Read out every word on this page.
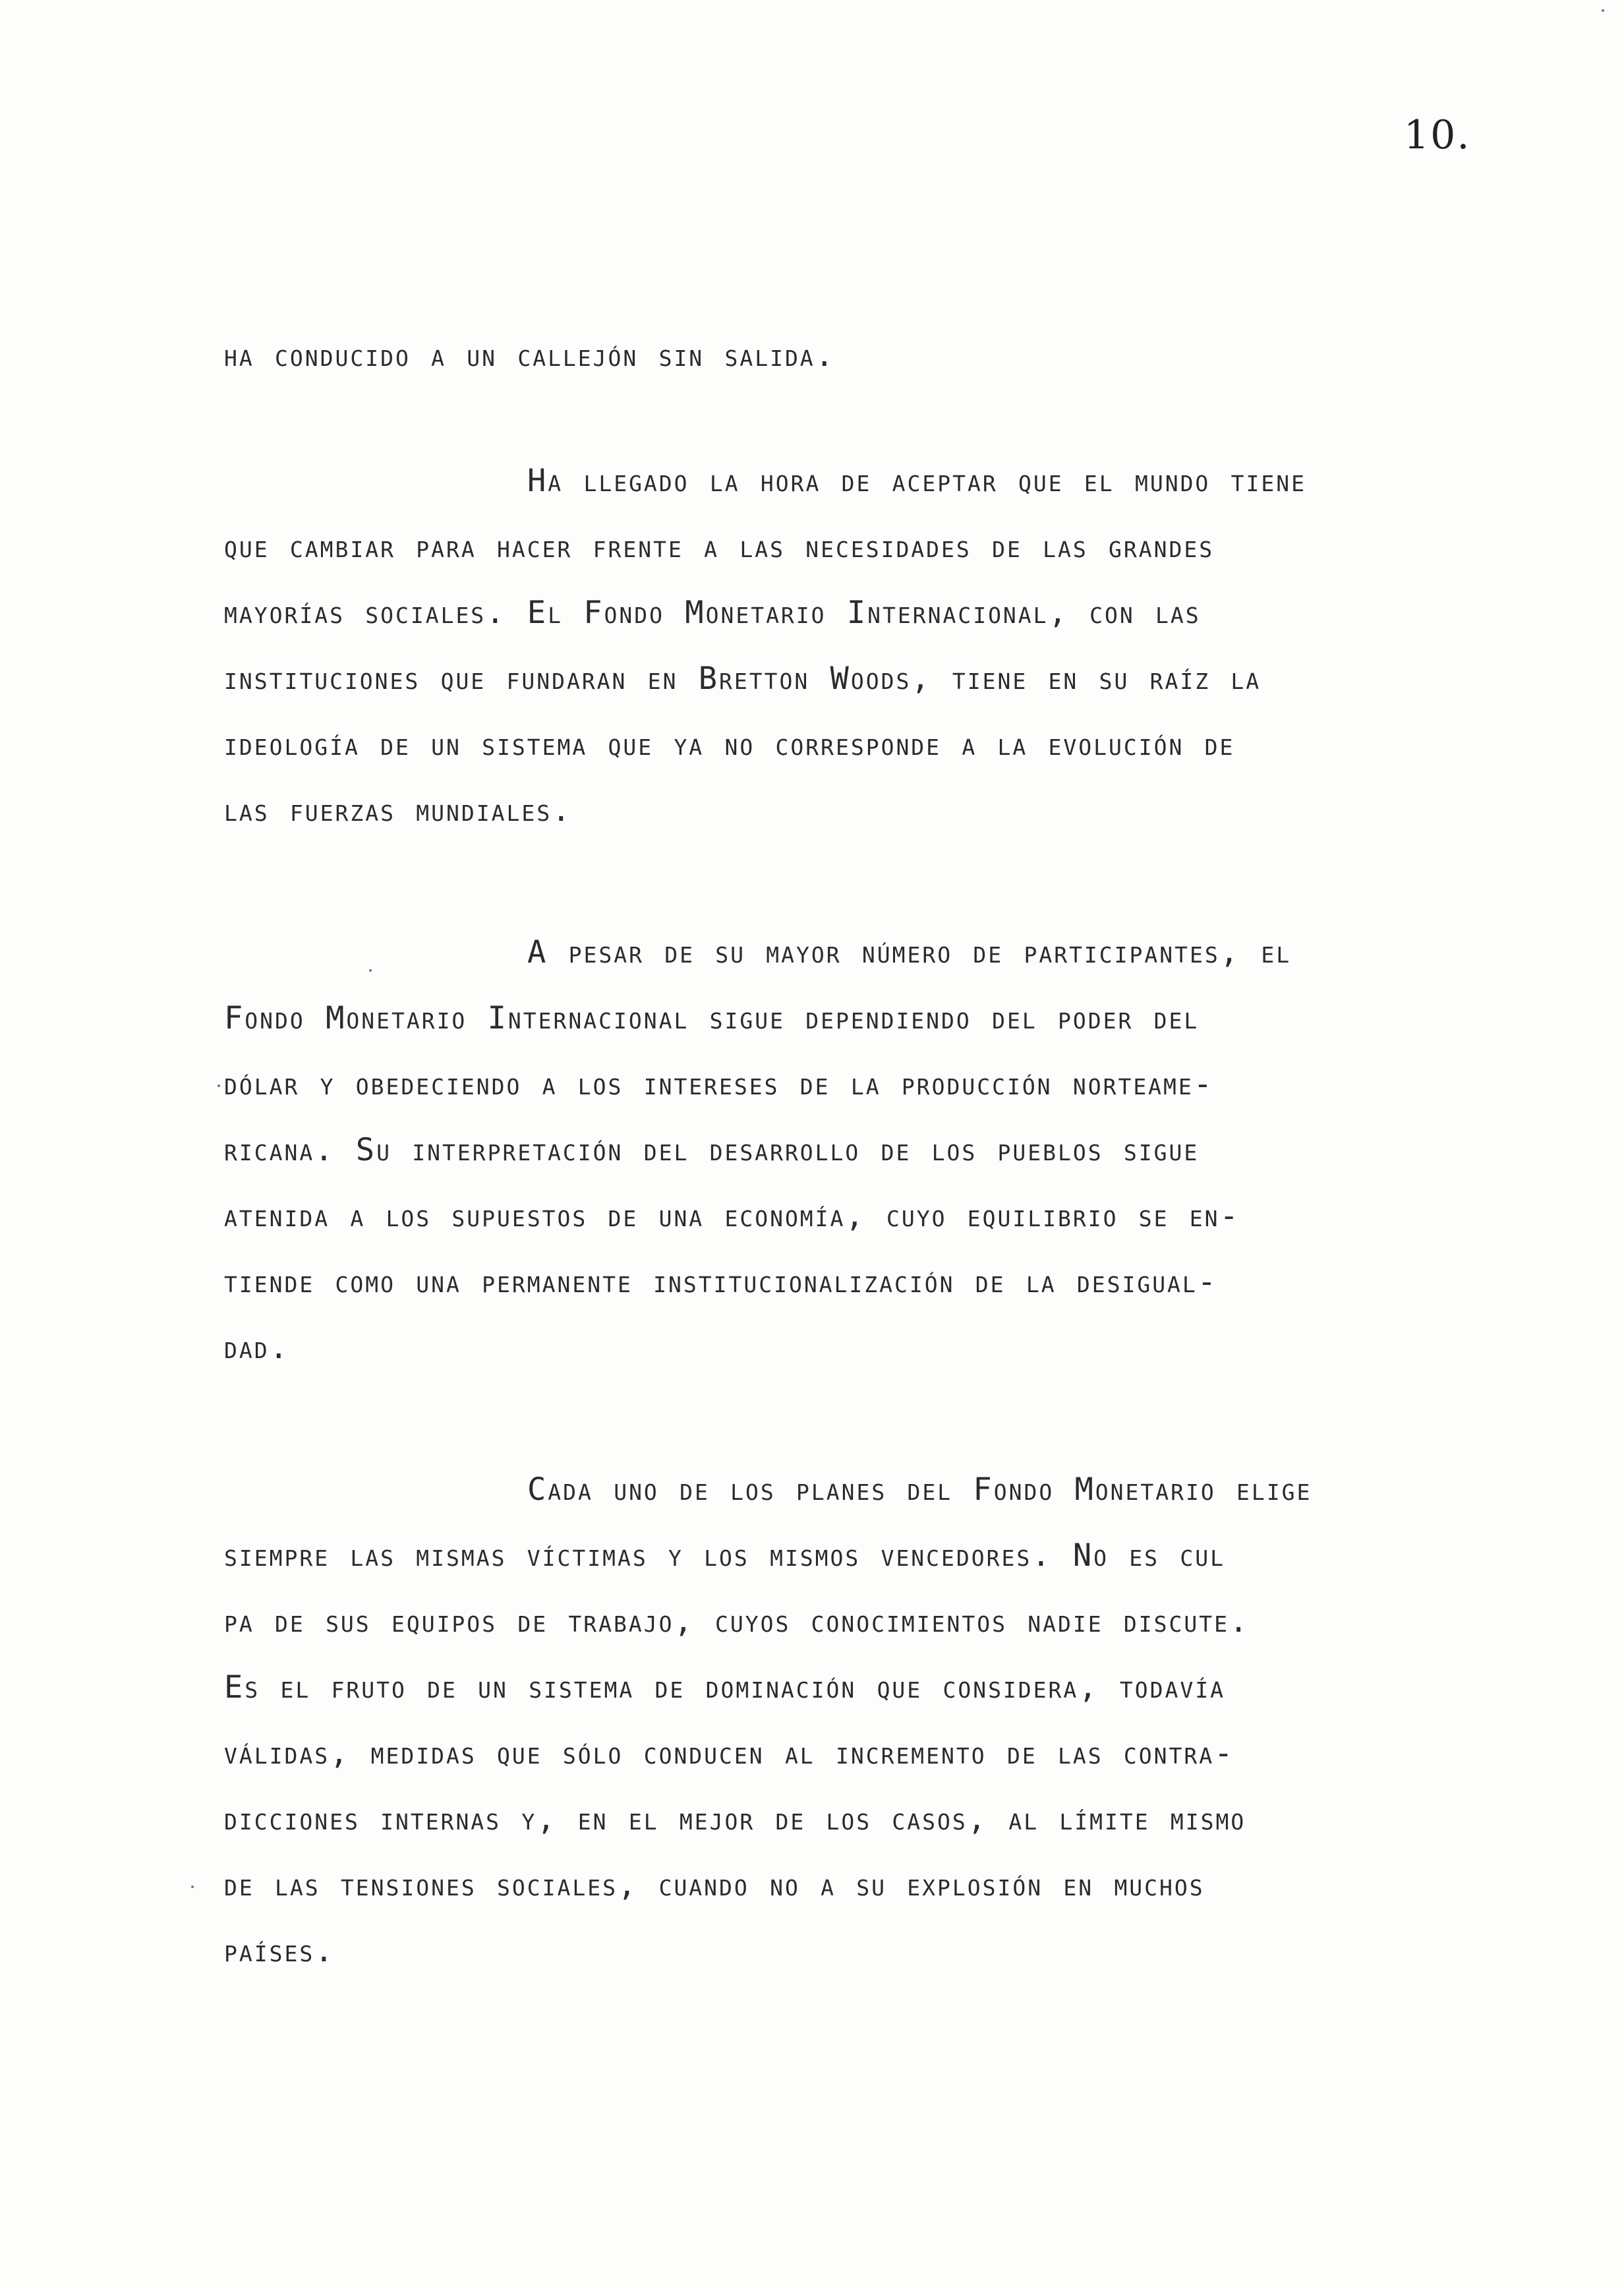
10.
ha conducido a un callejón sin salida.
Ha llegado la hora de aceptar que el mundo tiene
que cambiar para hacer frente a las necesidades de las grandes
mayorías sociales. El Fondo Monetario Internacional, con las
instituciones que fundaran en Bretton Woods, tiene en su raíz la
ideología de un sistema que ya no corresponde a la evolución de
las fuerzas mundiales.
A pesar de su mayor número de participantes, el
Fondo Monetario Internacional sigue dependiendo del poder del
dólar y obedeciendo a los intereses de la producción norteame-
ricana. Su interpretación del desarrollo de los pueblos sigue
atenida a los supuestos de una economía, cuyo equilibrio se en-
tiende como una permanente institucionalización de la desigual-
dad.
Cada uno de los planes del Fondo Monetario elige
siempre las mismas víctimas y los mismos vencedores. No es cul
pa de sus equipos de trabajo, cuyos conocimientos nadie discute.
Es el fruto de un sistema de dominación que considera, todavía
válidas, medidas que sólo conducen al incremento de las contra-
dicciones internas y, en el mejor de los casos, al límite mismo
de las tensiones sociales, cuando no a su explosión en muchos
países.
